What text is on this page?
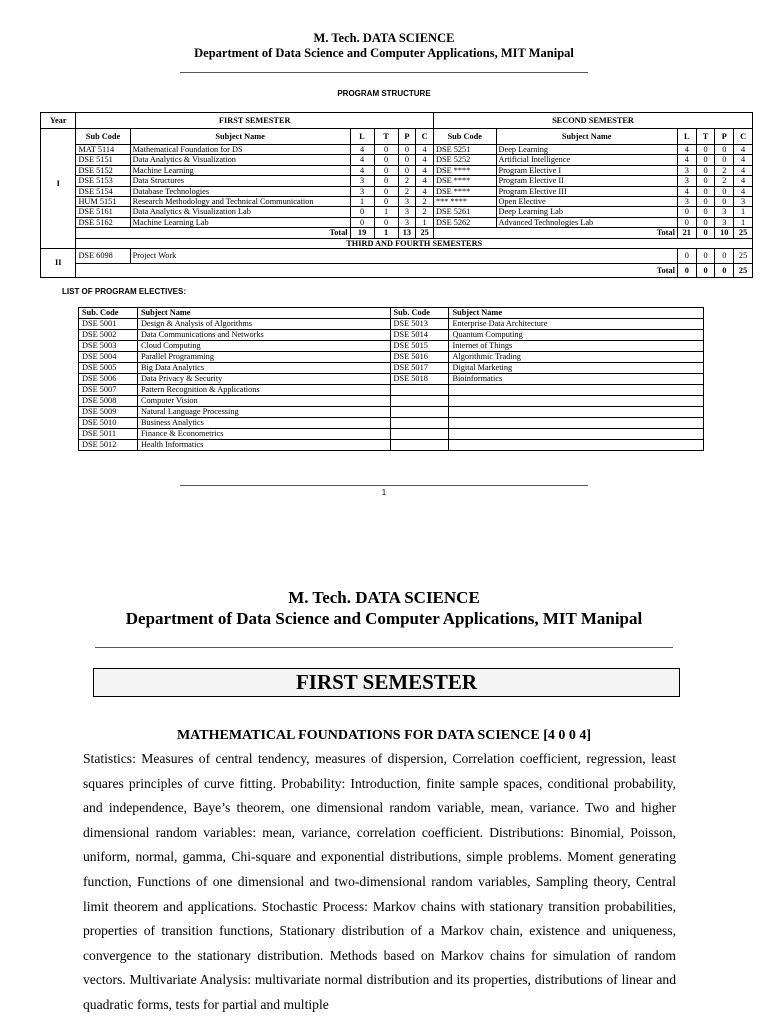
M. Tech. DATA SCIENCE
Department of Data Science and Computer Applications, MIT Manipal
PROGRAM STRUCTURE
Year	FIRST SEMESTER						SECOND SEMESTER					
I	Sub Code	Subject Name	L	T	P	C	Sub Code	Subject Name	L	T	P	C
	MAT 5114	Mathematical Foundation for DS	4	0	0	4	DSE 5251	Deep Learning	4	0	0	4
	DSE 5151	Data Analytics & Visualization	4	0	0	4	DSE 5252	Artificial Intelligence	4	0	0	4
	DSE 5152	Machine Learning	4	0	0	4	DSE ****	Program Elective I	3	0	2	4
	DSE 5153	Data Structures	3	0	2	4	DSE ****	Program Elective II	3	0	2	4
	DSE 5154	Database Technologies	3	0	2	4	DSE ****	Program Elective III	4	0	0	4
	HUM 5151	Research Methodology and Technical Communication	1	0	3	2	*** ****	Open Elective	3	0	0	3
	DSE 5161	Data Analytics & Visualization Lab	0	1	3	2	DSE 5261	Deep Learning Lab	0	0	3	1
	DSE 5162	Machine Learning Lab	0	0	3	1	DSE 5262	Advanced Technologies Lab	0	0	3	1
	Total		19	1	13	25	Total		21	0	10	25
	THIRD AND FOURTH SEMESTERS											
II	DSE 6098	Project Work							0	0	0	25
	Total								0	0	0	25
LIST OF PROGRAM ELECTIVES:
Sub. Code	Subject Name	Sub. Code	Subject Name
DSE 5001	Design & Analysis of Algorithms	DSE 5013	Enterprise Data Architecture
DSE 5002	Data Communications and Networks	DSE 5014	Quantum Computing
DSE 5003	Cloud Computing	DSE 5015	Internet of Things
DSE 5004	Parallel Programming	DSE 5016	Algorithmic Trading
DSE 5005	Big Data Analytics	DSE 5017	Digital Marketing
DSE 5006	Data Privacy & Security	DSE 5018	Bioinformatics
DSE 5007	Pattern Recognition & Applications		
DSE 5008	Computer Vision		
DSE 5009	Natural Language Processing		
DSE 5010	Business Analytics		
DSE 5011	Finance & Econometrics		
DSE 5012	Health Informatics		
1
M. Tech. DATA SCIENCE
Department of Data Science and Computer Applications, MIT Manipal
FIRST SEMESTER
MATHEMATICAL FOUNDATIONS FOR DATA SCIENCE [4 0 0 4]
Statistics: Measures of central tendency, measures of dispersion, Correlation coefficient, regression, least squares principles of curve fitting. Probability: Introduction, finite sample spaces, conditional probability, and independence, Baye’s theorem, one dimensional random variable, mean, variance. Two and higher dimensional random variables: mean, variance, correlation coefficient. Distributions: Binomial, Poisson, uniform, normal, gamma, Chi-square and exponential distributions, simple problems. Moment generating function, Functions of one dimensional and two-dimensional random variables, Sampling theory, Central limit theorem and applications. Stochastic Process: Markov chains with stationary transition probabilities, properties of transition functions, Stationary distribution of a Markov chain, existence and uniqueness, convergence to the stationary distribution. Methods based on Markov chains for simulation of random vectors. Multivariate Analysis: multivariate normal distribution and its properties, distributions of linear and quadratic forms, tests for partial and multiple
